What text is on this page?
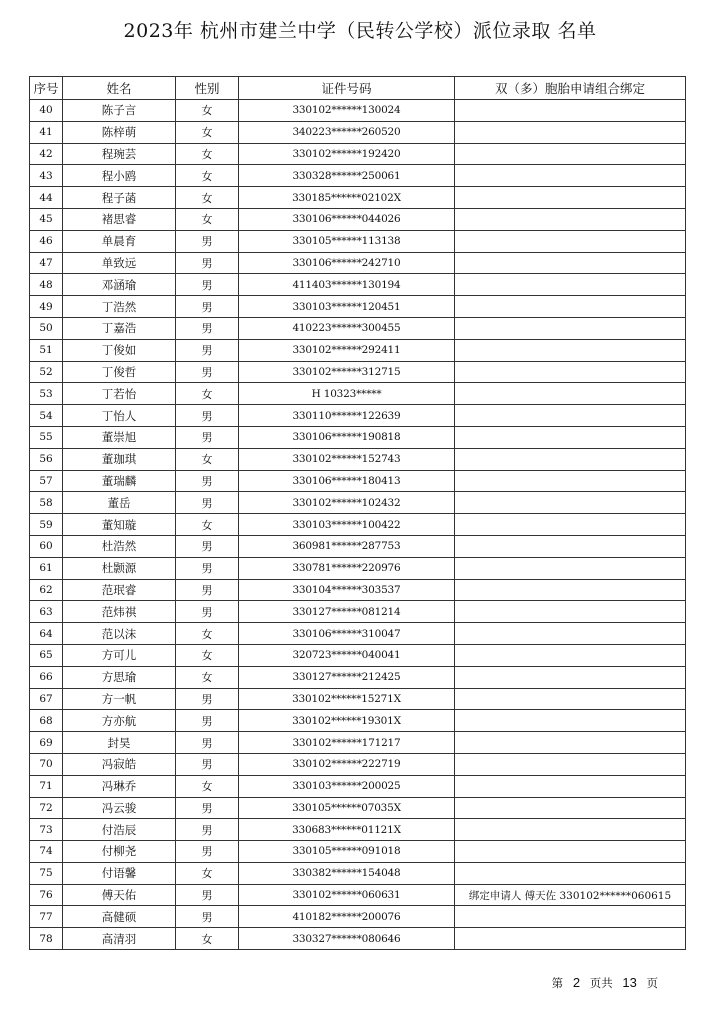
2023年 杭州市建兰中学（民转公学校）派位录取 名单
序号	姓名	性别	证件号码	双（多）胞胎申请组合绑定
40	陈子言	女	330102******130024	
41	陈梓萌	女	340223******260520	
42	程琬芸	女	330102******192420	
43	程小鸥	女	330328******250061	
44	程子菡	女	330185******02102X	
45	褚思睿	女	330106******044026	
46	单晨育	男	330105******113138	
47	单致远	男	330106******242710	
48	邓涵瑜	男	411403******130194	
49	丁浩然	男	330103******120451	
50	丁嘉浩	男	410223******300455	
51	丁俊如	男	330102******292411	
52	丁俊哲	男	330102******312715	
53	丁若怡	女	H 10323*****	
54	丁怡人	男	330110******122639	
55	董崇旭	男	330106******190818	
56	董珈琪	女	330102******152743	
57	董瑞麟	男	330106******180413	
58	董岳	男	330102******102432	
59	董知璇	女	330103******100422	
60	杜浩然	男	360981******287753	
61	杜颢源	男	330781******220976	
62	范珉睿	男	330104******303537	
63	范炜祺	男	330127******081214	
64	范以沫	女	330106******310047	
65	方可儿	女	320723******040041	
66	方思瑜	女	330127******212425	
67	方一帆	男	330102******15271X	
68	方亦航	男	330102******19301X	
69	封昊	男	330102******171217	
70	冯寂皓	男	330102******222719	
71	冯琳乔	女	330103******200025	
72	冯云骏	男	330105******07035X	
73	付浩辰	男	330683******01121X	
74	付柳尧	男	330105******091018	
75	付语馨	女	330382******154048	
76	傅天佑	男	330102******060631	绑定申请人 傅天佐 330102******060615
77	高健硕	男	410182******200076	
78	高清羽	女	330327******080646	
第 2 页共 13 页
